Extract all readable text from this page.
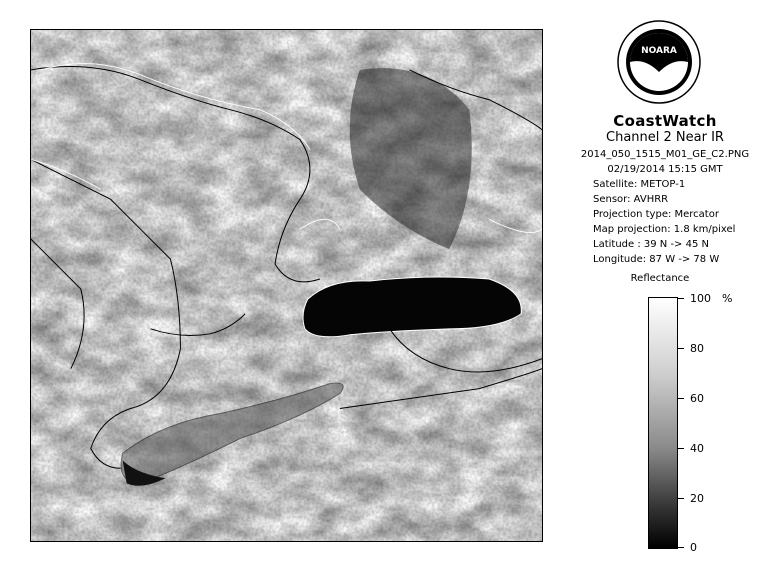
NOARA
CoastWatch
Channel 2 Near IR
2014_050_1515_M01_GE_C2.PNG
02/19/2014 15:15 GMT
Satellite: METOP-1
Sensor: AVHRR
Projection type: Mercator
Map projection: 1.8 km/pixel
Latitude : 39 N -> 45 N
Longitude: 87 W -> 78 W
Reflectance
%
100
80
60
40
20
0
